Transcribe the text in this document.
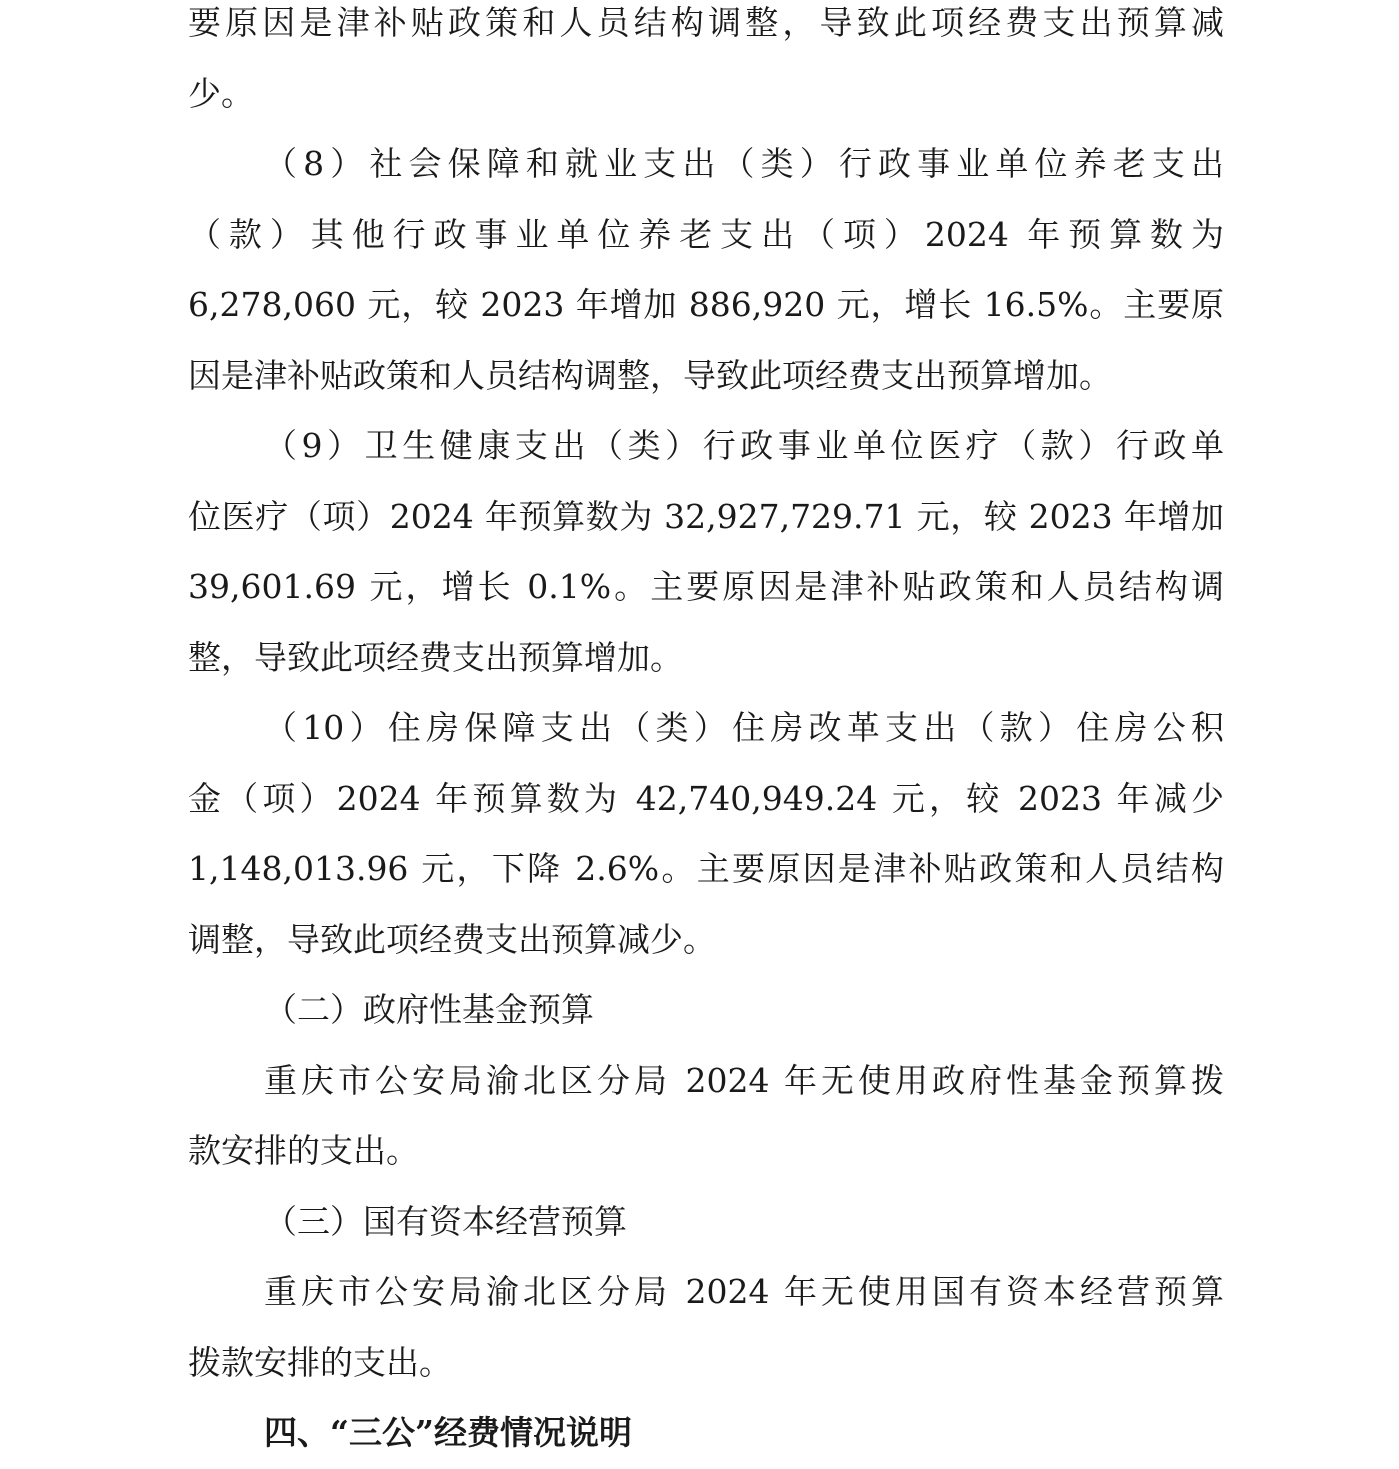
要原因是津补贴政策和人员结构调整，导致此项经费支出预算减
少。
（8）社会保障和就业支出（类）行政事业单位养老支出
（款）其他行政事业单位养老支出（项）2024 年预算数为
6,278,060 元，较 2023 年增加 886,920 元，增长 16.5%。主要原
因是津补贴政策和人员结构调整，导致此项经费支出预算增加。
（9）卫生健康支出（类）行政事业单位医疗（款）行政单
位医疗（项）2024 年预算数为 32,927,729.71 元，较 2023 年增加
39,601.69 元，增长 0.1%。主要原因是津补贴政策和人员结构调
整，导致此项经费支出预算增加。
（10）住房保障支出（类）住房改革支出（款）住房公积
金（项）2024 年预算数为 42,740,949.24 元，较 2023 年减少
1,148,013.96 元，下降 2.6%。主要原因是津补贴政策和人员结构
调整，导致此项经费支出预算减少。
（二）政府性基金预算
重庆市公安局渝北区分局 2024 年无使用政府性基金预算拨
款安排的支出。
（三）国有资本经营预算
重庆市公安局渝北区分局 2024 年无使用国有资本经营预算
拨款安排的支出。
四、“三公”经费情况说明
